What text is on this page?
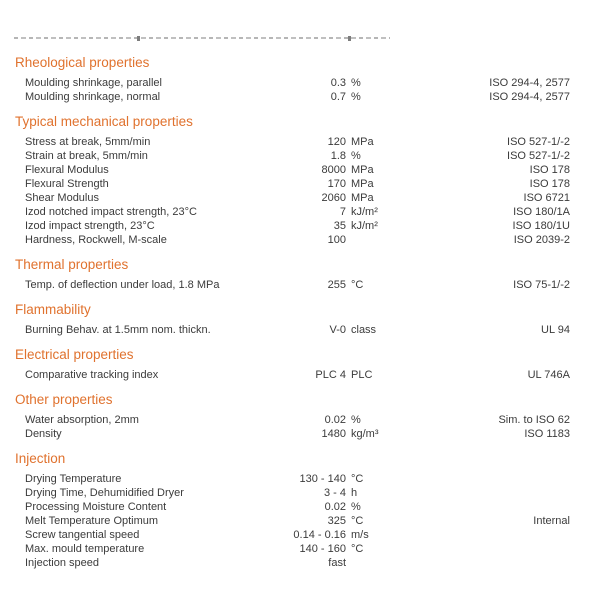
Rheological properties
Moulding shrinkage, parallel	0.3 %	ISO 294-4, 2577
Moulding shrinkage, normal	0.7 %	ISO 294-4, 2577
Typical mechanical properties
Stress at break, 5mm/min	120 MPa	ISO 527-1/-2
Strain at break, 5mm/min	1.8 %	ISO 527-1/-2
Flexural Modulus	8000 MPa	ISO 178
Flexural Strength	170 MPa	ISO 178
Shear Modulus	2060 MPa	ISO 6721
Izod notched impact strength, 23°C	7 kJ/m²	ISO 180/1A
Izod impact strength, 23°C	35 kJ/m²	ISO 180/1U
Hardness, Rockwell, M-scale	100	ISO 2039-2
Thermal properties
Temp. of deflection under load, 1.8 MPa	255 °C	ISO 75-1/-2
Flammability
Burning Behav. at 1.5mm nom. thickn.	V-0 class	UL 94
Electrical properties
Comparative tracking index	PLC 4 PLC	UL 746A
Other properties
Water absorption, 2mm	0.02 %	Sim. to ISO 62
Density	1480 kg/m³	ISO 1183
Injection
Drying Temperature	130 - 140 °C
Drying Time, Dehumidified Dryer	3 - 4 h
Processing Moisture Content	0.02 %
Melt Temperature Optimum	325 °C	Internal
Screw tangential speed	0.14 - 0.16 m/s
Max. mould temperature	140 - 160 °C
Injection speed	fast
